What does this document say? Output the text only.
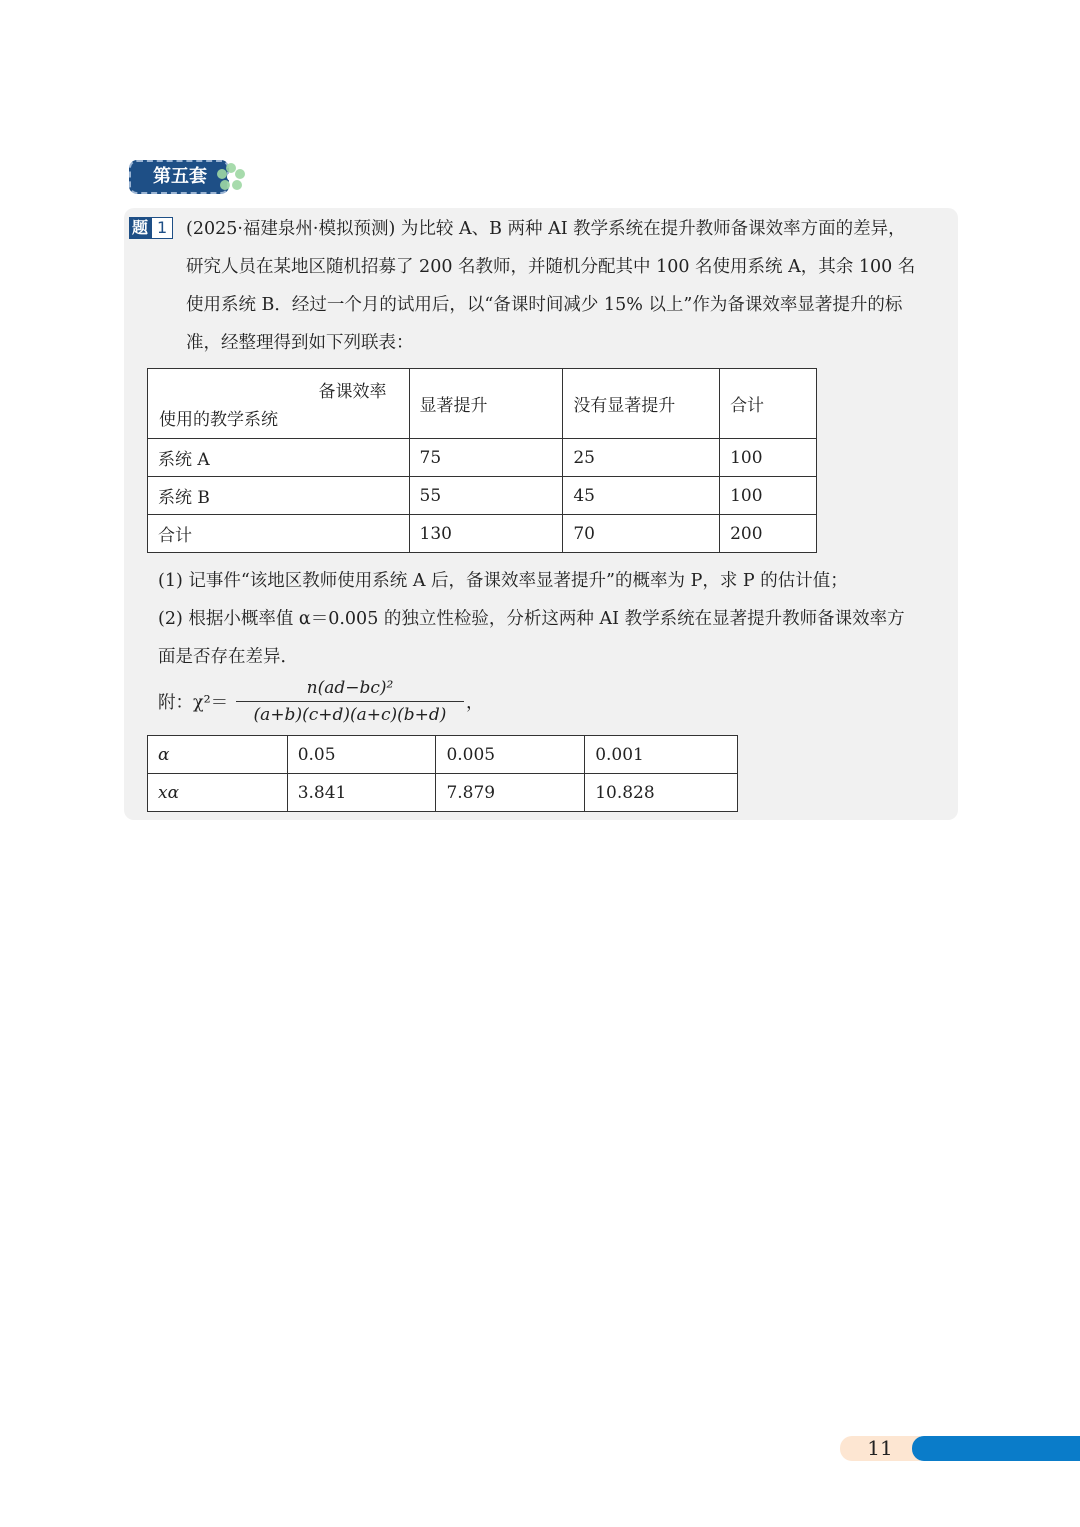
第五套
题 1	(2025·福建泉州·模拟预测) 为比较 A、B 两种 AI 教学系统在提升教师备课效率方面的差异，
研究人员在某地区随机招募了 200 名教师，并随机分配其中 100 名使用系统 A，其余 100 名
使用系统 B．经过一个月的试用后，以“备课时间减少 15% 以上”作为备课效率显著提升的标
准，经整理得到如下列联表：
备课效率
使用的教学系统	显著提升	没有显著提升	合计
系统 A	75	25	100
系统 B	55	45	100
合计	130	70	200
(1) 记事件“该地区教师使用系统 A 后，备课效率显著提升”的概率为 P，求 P 的估计值；
(2) 根据小概率值 α＝0.005 的独立性检验，分析这两种 AI 教学系统在显著提升教师备课效率方
面是否存在差异．
附：χ²＝
n(ad−bc)²
(a+b)(c+d)(a+c)(b+d)
，
α	0.05	0.005	0.001
xα	3.841	7.879	10.828
11
